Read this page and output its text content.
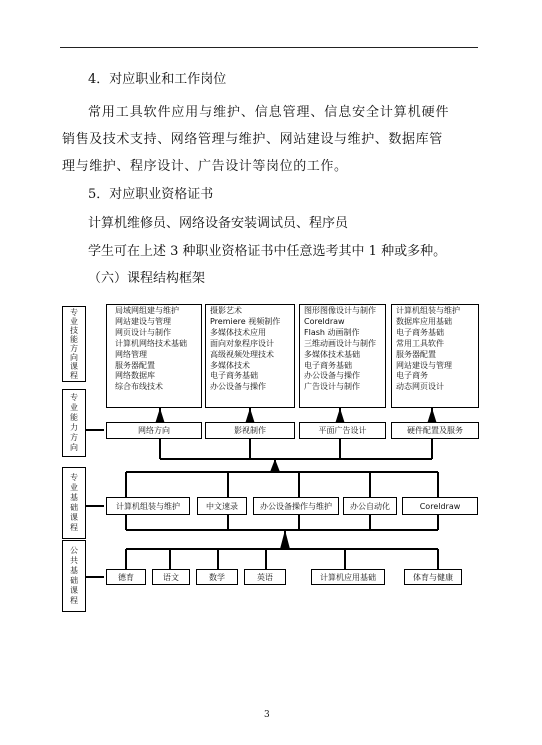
4．对应职业和工作岗位
常用工具软件应用与维护、信息管理、信息安全计算机硬件
销售及技术支持、网络管理与维护、网站建设与维护、数据库管
理与维护、程序设计、广告设计等岗位的工作。
5．对应职业资格证书
计算机维修员、网络设备安装调试员、程序员
学生可在上述 3 种职业资格证书中任意选考其中 1 种或多种。
（六）课程结构框架
专业技能方向课程
专业能力方向
专业基础课程
公共基础课程
局域网组建与维护
网站建设与管理
网页设计与制作
计算机网络技术基础
网络管理
服务器配置
网络数据库
综合布线技术
摄影艺术
Premiere 视频制作
多媒体技术应用
面向对象程序设计
高级视频处理技术
多媒体技术
电子商务基础
办公设备与操作
图形图像设计与制作
Coreldraw
Flash 动画制作
三维动画设计与制作
多媒体技术基础
电子商务基础
办公设备与操作
广告设计与制作
计算机组装与维护
数据库应用基础
电子商务基础
常用工具软件
服务器配置
网站建设与管理
电子商务
动态网页设计
网络方向	影视制作	平面广告设计	硬件配置及服务
计算机组装与维护	中文速录	办公设备操作与维护	办公自动化	Coreldraw
德育	语文	数学	英语	计算机应用基础	体育与健康
3
